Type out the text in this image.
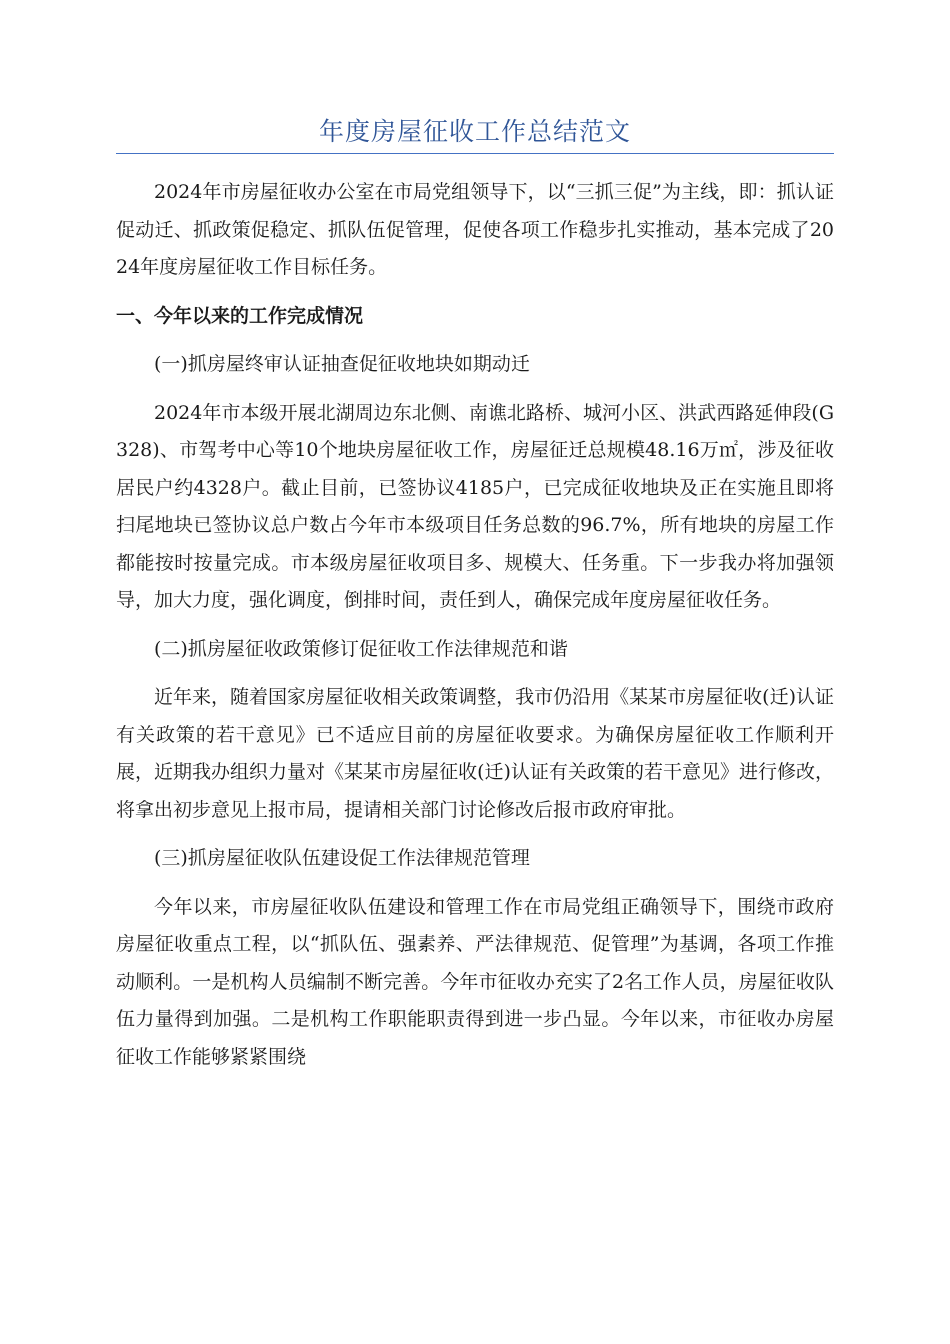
年度房屋征收工作总结范文

2024年市房屋征收办公室在市局党组领导下，以“三抓三促”为主线，即：抓认证促动迁、抓政策促稳定、抓队伍促管理，促使各项工作稳步扎实推动，基本完成了2024年度房屋征收工作目标任务。

一、今年以来的工作完成情况

(一)抓房屋终审认证抽查促征收地块如期动迁

2024年市本级开展北湖周边东北侧、南谯北路桥、城河小区、洪武西路延伸段(G328)、市驾考中心等10个地块房屋征收工作，房屋征迁总规模48.16万㎡，涉及征收居民户约4328户。截止目前，已签协议4185户，已完成征收地块及正在实施且即将扫尾地块已签协议总户数占今年市本级项目任务总数的96.7%，所有地块的房屋工作都能按时按量完成。市本级房屋征收项目多、规模大、任务重。下一步我办将加强领导，加大力度，强化调度，倒排时间，责任到人，确保完成年度房屋征收任务。

(二)抓房屋征收政策修订促征收工作法律规范和谐

近年来，随着国家房屋征收相关政策调整，我市仍沿用《某某市房屋征收(迁)认证有关政策的若干意见》已不适应目前的房屋征收要求。为确保房屋征收工作顺利开展，近期我办组织力量对《某某市房屋征收(迁)认证有关政策的若干意见》进行修改，将拿出初步意见上报市局，提请相关部门讨论修改后报市政府审批。

(三)抓房屋征收队伍建设促工作法律规范管理

今年以来，市房屋征收队伍建设和管理工作在市局党组正确领导下，围绕市政府房屋征收重点工程，以“抓队伍、强素养、严法律规范、促管理”为基调，各项工作推动顺利。一是机构人员编制不断完善。今年市征收办充实了2名工作人员，房屋征收队伍力量得到加强。二是机构工作职能职责得到进一步凸显。今年以来，市征收办房屋征收工作能够紧紧围绕
